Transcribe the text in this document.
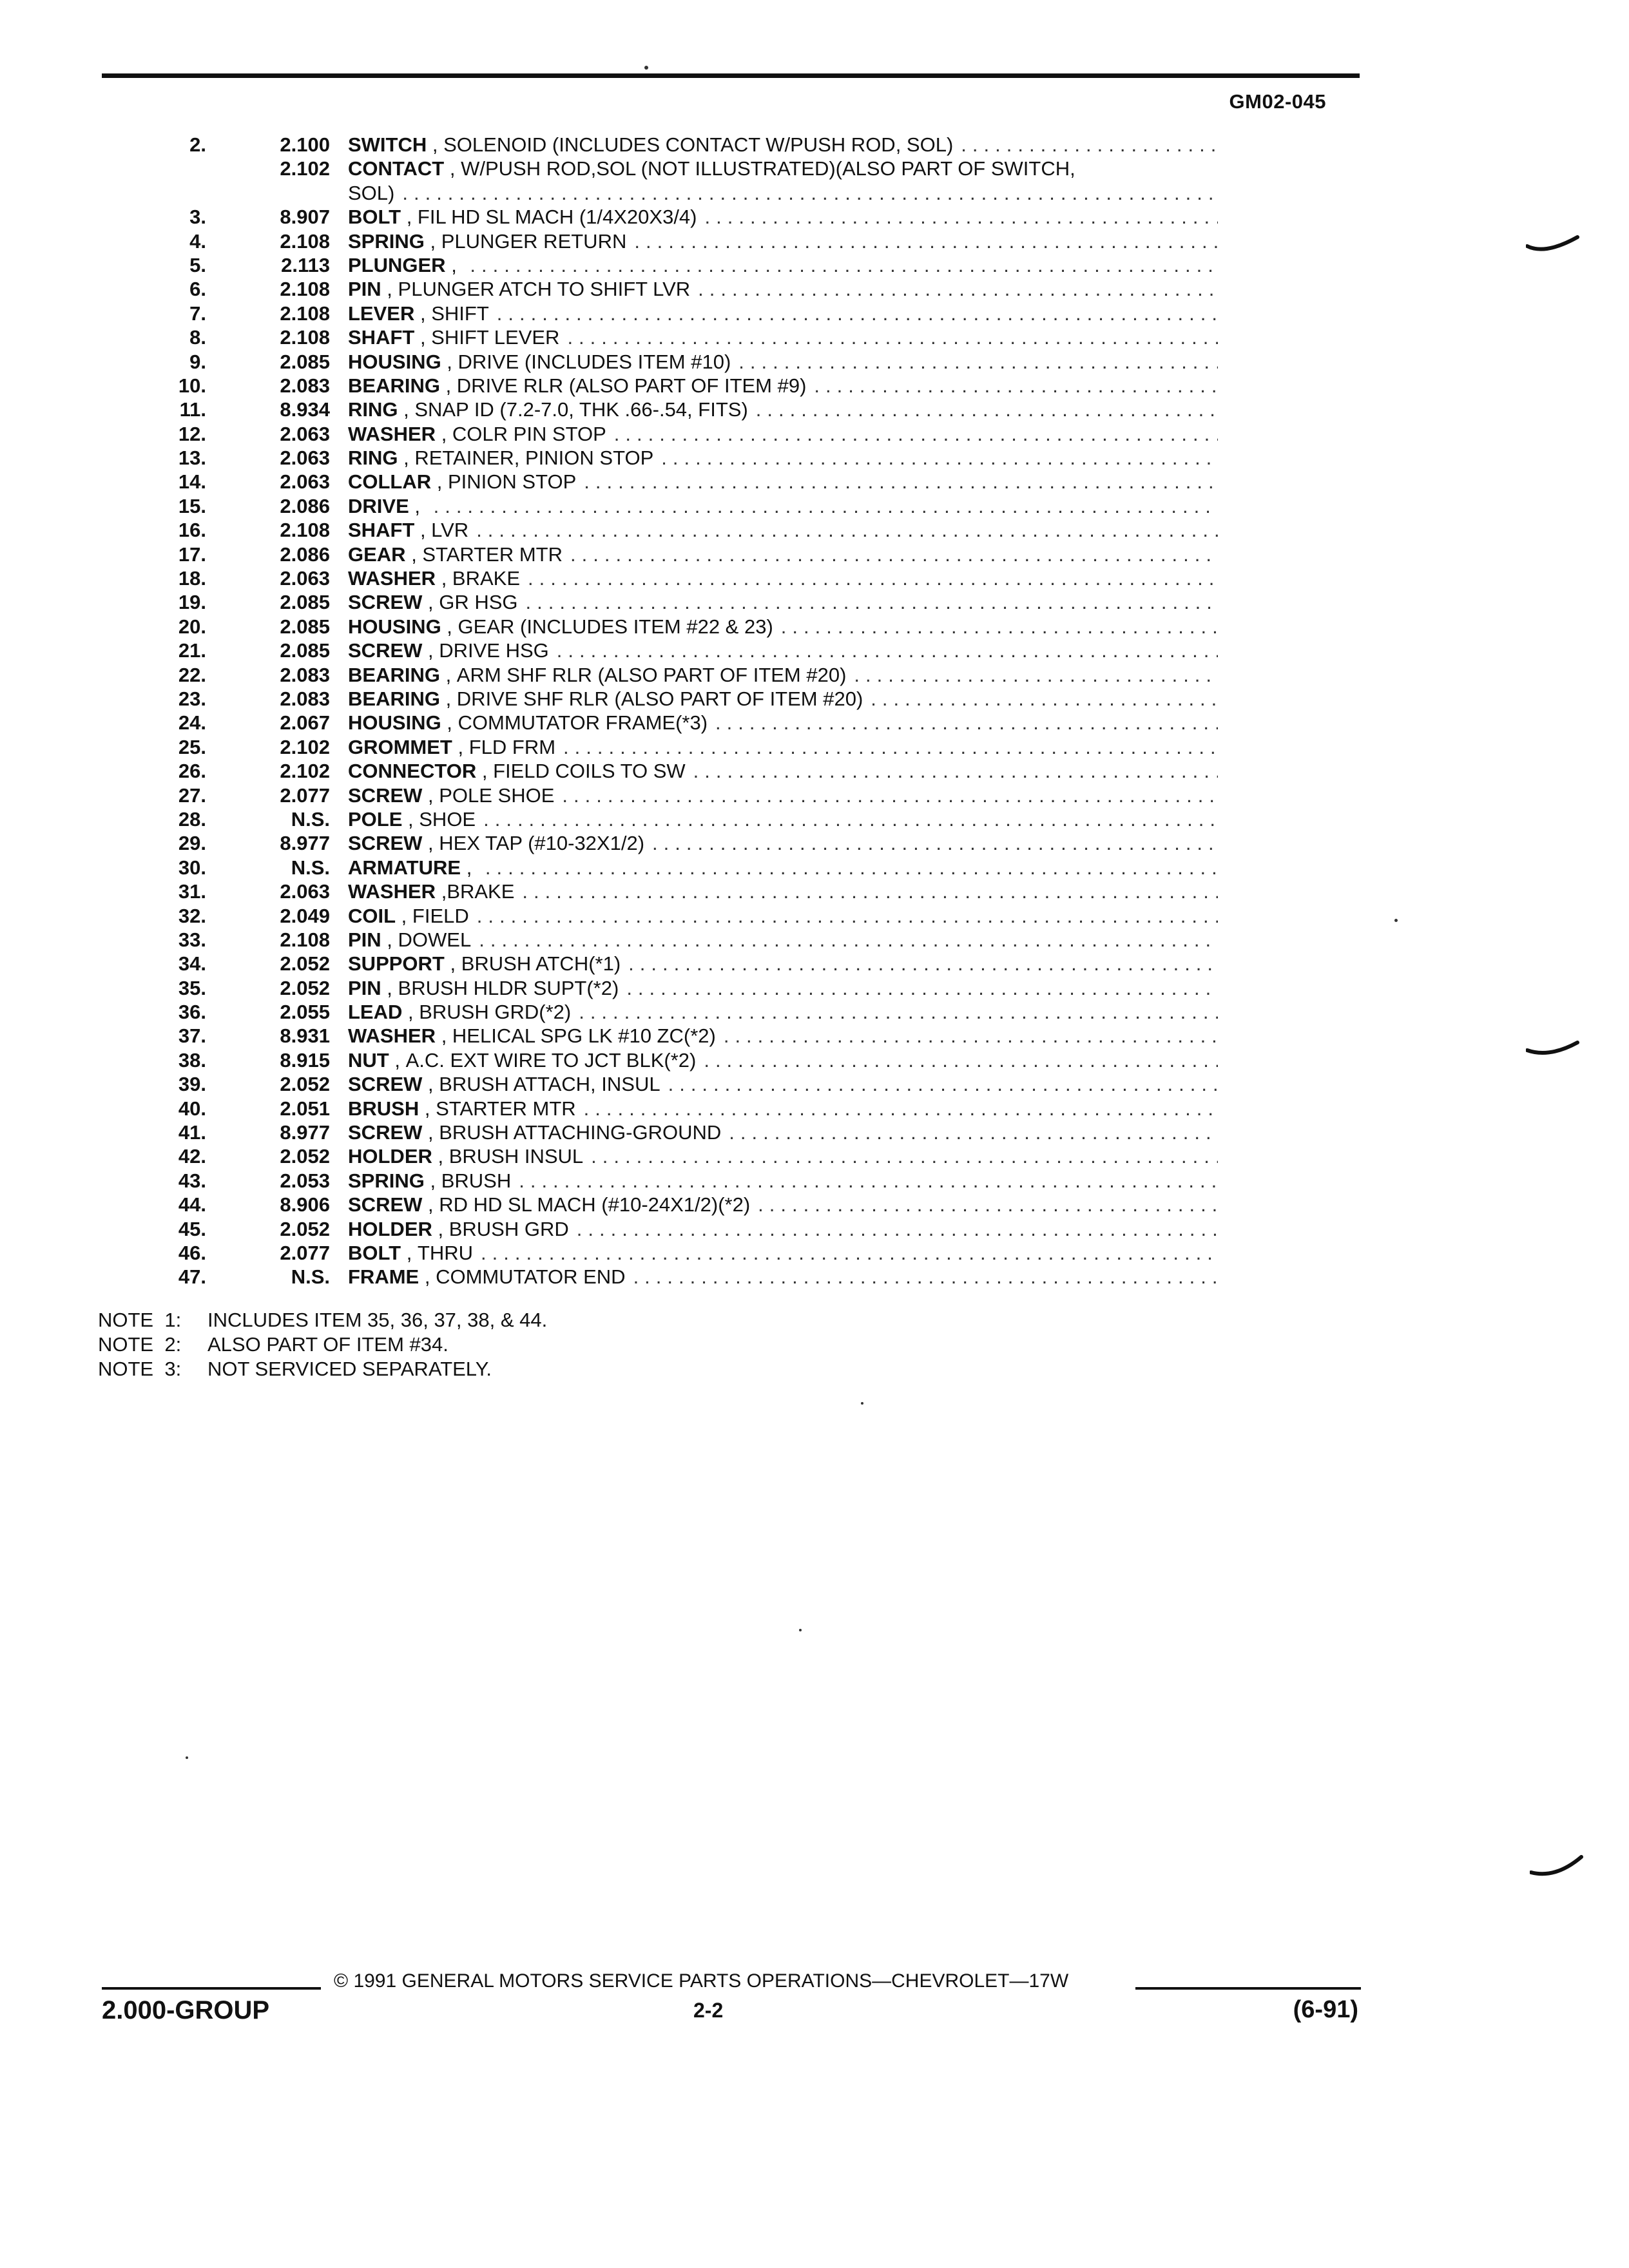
GM02-045
2.	2.100 SWITCH , SOLENOID (INCLUDES CONTACT W/PUSH ROD, SOL)
.....
2.102 CONTACT , W/PUSH ROD,SOL (NOT ILLUSTRATED)(ALSO PART OF SWITCH,
SOL)
.....
3.	8.907 BOLT , FIL HD SL MACH (1/4X20X3/4)
.....
4.	2.108 SPRING , PLUNGER RETURN
.....
5.	2.113 PLUNGER ,
.....
6.	2.108 PIN , PLUNGER ATCH TO SHIFT LVR
.....
7.	2.108 LEVER , SHIFT
.....
8.	2.108 SHAFT , SHIFT LEVER
.....
9.	2.085 HOUSING , DRIVE (INCLUDES ITEM #10)
.....
10.	2.083 BEARING , DRIVE RLR (ALSO PART OF ITEM #9)
.....
11.	8.934 RING , SNAP ID (7.2-7.0, THK .66-.54, FITS)
.....
12.	2.063 WASHER , COLR PIN STOP
.....
13.	2.063 RING , RETAINER, PINION STOP
.....
14.	2.063 COLLAR , PINION STOP
.....
15.	2.086 DRIVE ,
.....
16.	2.108 SHAFT , LVR
.....
17.	2.086 GEAR , STARTER MTR
.....
18.	2.063 WASHER , BRAKE
.....
19.	2.085 SCREW , GR HSG
.....
20.	2.085 HOUSING , GEAR (INCLUDES ITEM #22 & 23)
.....
21.	2.085 SCREW , DRIVE HSG
.....
22.	2.083 BEARING , ARM SHF RLR (ALSO PART OF ITEM #20)
.....
23.	2.083 BEARING , DRIVE SHF RLR (ALSO PART OF ITEM #20)
.....
24.	2.067 HOUSING , COMMUTATOR FRAME(*3)
.....
25.	2.102 GROMMET , FLD FRM
.....
26.	2.102 CONNECTOR , FIELD COILS TO SW
.....
27.	2.077 SCREW , POLE SHOE
.....
28.	N.S. POLE , SHOE
.....
29.	8.977 SCREW , HEX TAP (#10-32X1/2)
.....
30.	N.S. ARMATURE ,
.....
31.	2.063 WASHER , BRAKE
.....
32.	2.049 COIL , FIELD
.....
33.	2.108 PIN , DOWEL
.....
34.	2.052 SUPPORT , BRUSH ATCH(*1)
.....
35.	2.052 PIN , BRUSH HLDR SUPT(*2)
.....
36.	2.055 LEAD , BRUSH GRD(*2)
.....
37.	8.931 WASHER , HELICAL SPG LK #10 ZC(*2)
.....
38.	8.915 NUT , A.C. EXT WIRE TO JCT BLK(*2)
.....
39.	2.052 SCREW , BRUSH ATTACH, INSUL
.....
40.	2.051 BRUSH , STARTER MTR
.....
41.	8.977 SCREW , BRUSH ATTACHING-GROUND
.....
42.	2.052 HOLDER , BRUSH INSUL
.....
43.	2.053 SPRING , BRUSH
.....
44.	8.906 SCREW , RD HD SL MACH (#10-24X1/2)(*2)
.....
45.	2.052 HOLDER , BRUSH GRD
.....
46.	2.077 BOLT , THRU
.....
47.	N.S. FRAME , COMMUTATOR END
.....
NOTE  1:	INCLUDES ITEM 35, 36, 37, 38, & 44.
NOTE  2:	ALSO PART OF ITEM #34.
NOTE  3:	NOT SERVICED SEPARATELY.
© 1991 GENERAL MOTORS SERVICE PARTS OPERATIONS—CHEVROLET—17W
2.000-GROUP	2-2	(6-91)
